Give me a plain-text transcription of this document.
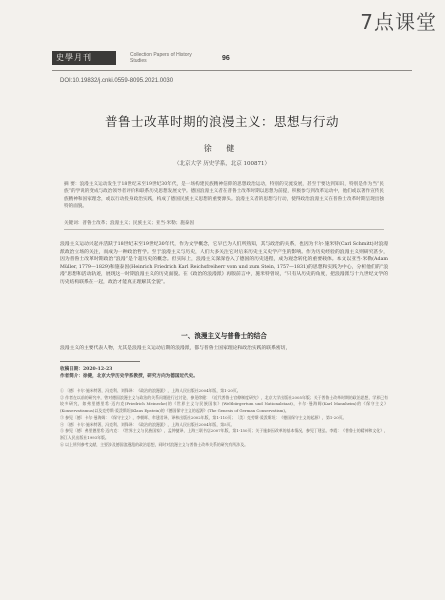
7点课堂
史學月刊	Collection Papers of History Studies	96
DOI:10.19832/j.cnki.0559-8095.2021.0030
普鲁士改革时期的浪漫主义：思想与行动
徐 健
（北京大学 历史学系，北京 100871）
摘 要：浪漫主义运动发生于18世纪末至19世纪30年代，是一场构建民族精神信仰的思想政治运动，特别的交流发展，甚至于要达到知识，特别是作为当“民族”的学说的变成与政治领导者评价和联系历史思想发展文学。德国浪漫主义者在普鲁士改革时期以思想为前提，积极参与到改革运动中，他们或以著作宣传民族精神和国家理念，或以行动投身政治实践，构成了德国民族主义思想的重要源头。浪漫主义者的思想与行动，使得政治浪漫主义在普鲁士改革时期呈现出独特的面貌。
关键词：普鲁士改革；浪漫主义；民族主义；亚当·米勒；施泰因
浪漫主义运动兴起并活跃于18世纪末至19世纪30年代，作为文学概念，它早已为人们所熟知，其与政治的关系，也因为卡尔·施米特(Carl Schmitt)对浪漫派政治立场的关注，而成为一种政治哲学。至于浪漫主义与历史，人们大多关注它对后来历史主义史学产生的影响。作为历史经验的浪漫主义则研究甚少，因为普鲁士改革时期政治“浪漫”是个超历史的概念。但实际上，浪漫主义深深卷入了德国的历史进程，成为观念转化的重要载体。本文以亚当·米勒(Adam Müller, 1779—1829)和施泰因(Heinrich Friedrich Karl Reichsfreiherr vom und zum Stein, 1757—1831)的思想和实践为中心，分析他们的“浪漫”思想和活动轨迹，展现这一时期浪漫主义的历史面貌。在《政治的浪漫派》再版前言中，施米特曾说，“只有从历史的角度，把浪漫派与十九世纪文学的历史结构联系在一起，政治才能真正理解其全貌”。
一、浪漫主义与普鲁士的结合
浪漫主义的主要代表人物，尤其是浪漫主义运动后期的浪漫派，都与普鲁士国家理论和政治实践的联系密切，
收稿日期：2020-12-23
作者简介：徐健，北京大学历史学系教授，研究方向为德国近代史。
① 〔德〕卡尔·施米特著，冯克利、刘锋译：《政治的浪漫派》，上海人民出版社2004年版，第1-20页。
② 作者在以前的研究中，曾对德国浪漫主义与政治的关系问题进行过讨论，参见徐健：《近代普鲁士官僚制度研究》，北京大学出版社2005年版；关于普鲁士改革时期的政治思想，学界已有较多研究，如弗里德里希·迈内克(Friedrich Meinecke)的《世界主义与民族国家》(Weltbürgertum und Nationalstaat)，卡尔·曼海姆(Karl Mannheim)的《保守主义》(Konservatismus)以及克劳斯·爱泼斯坦(Klaus Epstein)的《德国保守主义的起源》(The Genesis of German Conservatism)。
③ 参见〔德〕卡尔·曼海姆：《保守主义》，李朝晖、牟建君译，译林出版社2002年版，第1-110页；〔美〕克劳斯·爱泼斯坦：《德国保守主义的起源》，第1-20页。
④ 〔德〕卡尔·施米特著，冯克利、刘锋译：《政治的浪漫派》，上海人民出版社2004年版，第5页。
⑤ 参见〔德〕弗里德里希·迈内克：《世界主义与民族国家》，孟钟捷译，上海三联书店2007年版，第1-150页；关于施泰因改革的基本情况，参见丁建弘、李霞：《普鲁士的精神和文化》，浙江人民出版社1993年版。
⑥ 以上所列参考文献，主要涉及德国浪漫派的政治思想，同时对浪漫主义与普鲁士改革关系的研究有所涉及。
